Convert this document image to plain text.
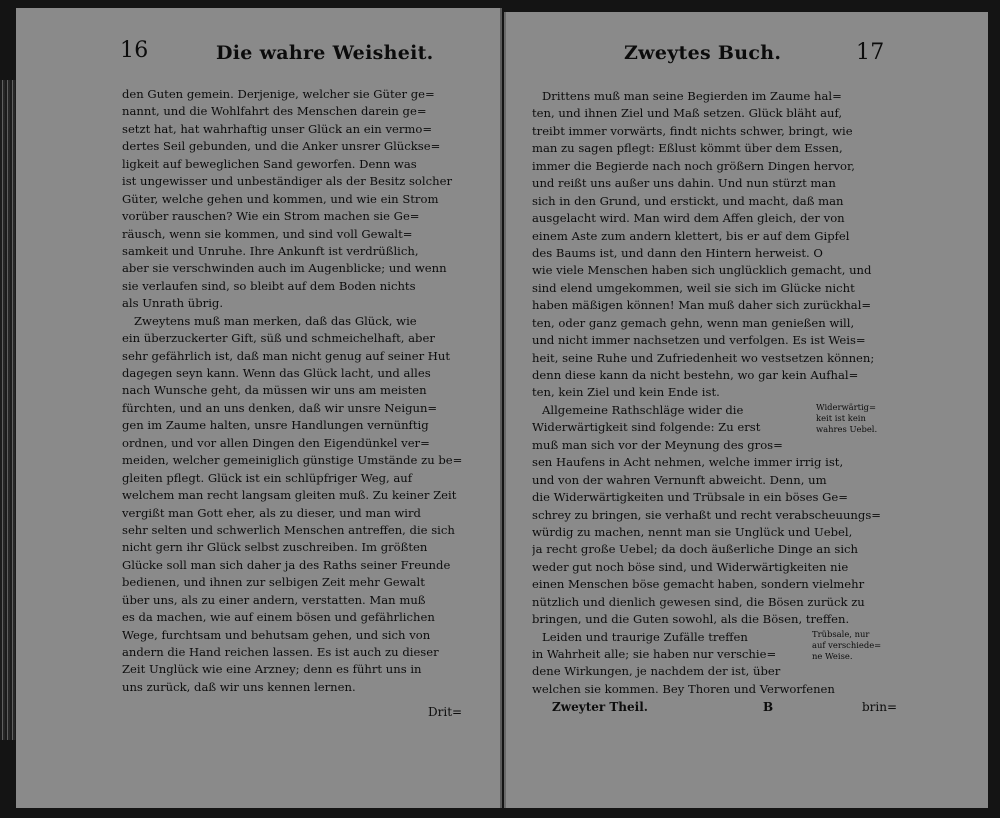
16	Die wahre Weisheit.
den Guten gemein. Derjenige, welcher sie Güter ge=
nannt, und die Wohlfahrt des Menschen darein ge=
setzt hat, hat wahrhaftig unser Glück an ein vermo=
dertes Seil gebunden, und die Anker unsrer Glückse=
ligkeit auf beweglichen Sand geworfen. Denn was
ist ungewisser und unbeständiger als der Besitz solcher
Güter, welche gehen und kommen, und wie ein Strom
vorüber rauschen? Wie ein Strom machen sie Ge=
räusch, wenn sie kommen, und sind voll Gewalt=
samkeit und Unruhe. Ihre Ankunft ist verdrüßlich,
aber sie verschwinden auch im Augenblicke; und wenn
sie verlaufen sind, so bleibt auf dem Boden nichts
als Unrath übrig.
Zweytens muß man merken, daß das Glück, wie
ein überzuckerter Gift, süß und schmeichelhaft, aber
sehr gefährlich ist, daß man nicht genug auf seiner Hut
dagegen seyn kann. Wenn das Glück lacht, und alles
nach Wunsche geht, da müssen wir uns am meisten
fürchten, und an uns denken, daß wir unsre Neigun=
gen im Zaume halten, unsre Handlungen vernünftig
ordnen, und vor allen Dingen den Eigendünkel ver=
meiden, welcher gemeiniglich günstige Umstände zu be=
gleiten pflegt. Glück ist ein schlüpfriger Weg, auf
welchem man recht langsam gleiten muß. Zu keiner Zeit
vergißt man Gott eher, als zu dieser, und man wird
sehr selten und schwerlich Menschen antreffen, die sich
nicht gern ihr Glück selbst zuschreiben. Im größten
Glücke soll man sich daher ja des Raths seiner Freunde
bedienen, und ihnen zur selbigen Zeit mehr Gewalt
über uns, als zu einer andern, verstatten. Man muß
es da machen, wie auf einem bösen und gefährlichen
Wege, furchtsam und behutsam gehen, und sich von
andern die Hand reichen lassen. Es ist auch zu dieser
Zeit Unglück wie eine Arzney; denn es führt uns in
uns zurück, daß wir uns kennen lernen.
Drit=
Zweytes Buch.	17
Drittens muß man seine Begierden im Zaume hal=
ten, und ihnen Ziel und Maß setzen. Glück bläht auf,
treibt immer vorwärts, findt nichts schwer, bringt, wie
man zu sagen pflegt: Eßlust kömmt über dem Essen,
immer die Begierde nach noch größern Dingen hervor,
und reißt uns außer uns dahin. Und nun stürzt man
sich in den Grund, und erstickt, und macht, daß man
ausgelacht wird. Man wird dem Affen gleich, der von
einem Aste zum andern klettert, bis er auf dem Gipfel
des Baums ist, und dann den Hintern herweist. O
wie viele Menschen haben sich unglücklich gemacht, und
sind elend umgekommen, weil sie sich im Glücke nicht
haben mäßigen können! Man muß daher sich zurückhal=
ten, oder ganz gemach gehn, wenn man genießen will,
und nicht immer nachsetzen und verfolgen. Es ist Weis=
heit, seine Ruhe und Zufriedenheit wo vestsetzen können;
denn diese kann da nicht bestehn, wo gar kein Aufhal=
ten, kein Ziel und kein Ende ist.
Allgemeine Rathschläge wider die
Widerwärtigkeit sind folgende: Zu erst
muß man sich vor der Meynung des gros=
sen Haufens in Acht nehmen, welche immer irrig ist,
und von der wahren Vernunft abweicht. Denn, um
die Widerwärtigkeiten und Trübsale in ein böses Ge=
schrey zu bringen, sie verhaßt und recht verabscheuungs=
würdig zu machen, nennt man sie Unglück und Uebel,
ja recht große Uebel; da doch äußerliche Dinge an sich
weder gut noch böse sind, und Widerwärtigkeiten nie
einen Menschen böse gemacht haben, sondern vielmehr
nützlich und dienlich gewesen sind, die Bösen zurück zu
bringen, und die Guten sowohl, als die Bösen, treffen.
Leiden und traurige Zufälle treffen
in Wahrheit alle; sie haben nur verschie=
dene Wirkungen, je nachdem der ist, über
welchen sie kommen. Bey Thoren und Verworfenen
Widerwärtig=
keit ist kein
wahres Uebel.
Trübsale, nur
auf verschiede=
ne Weise.
Zweyter Theil.	B	brin=
